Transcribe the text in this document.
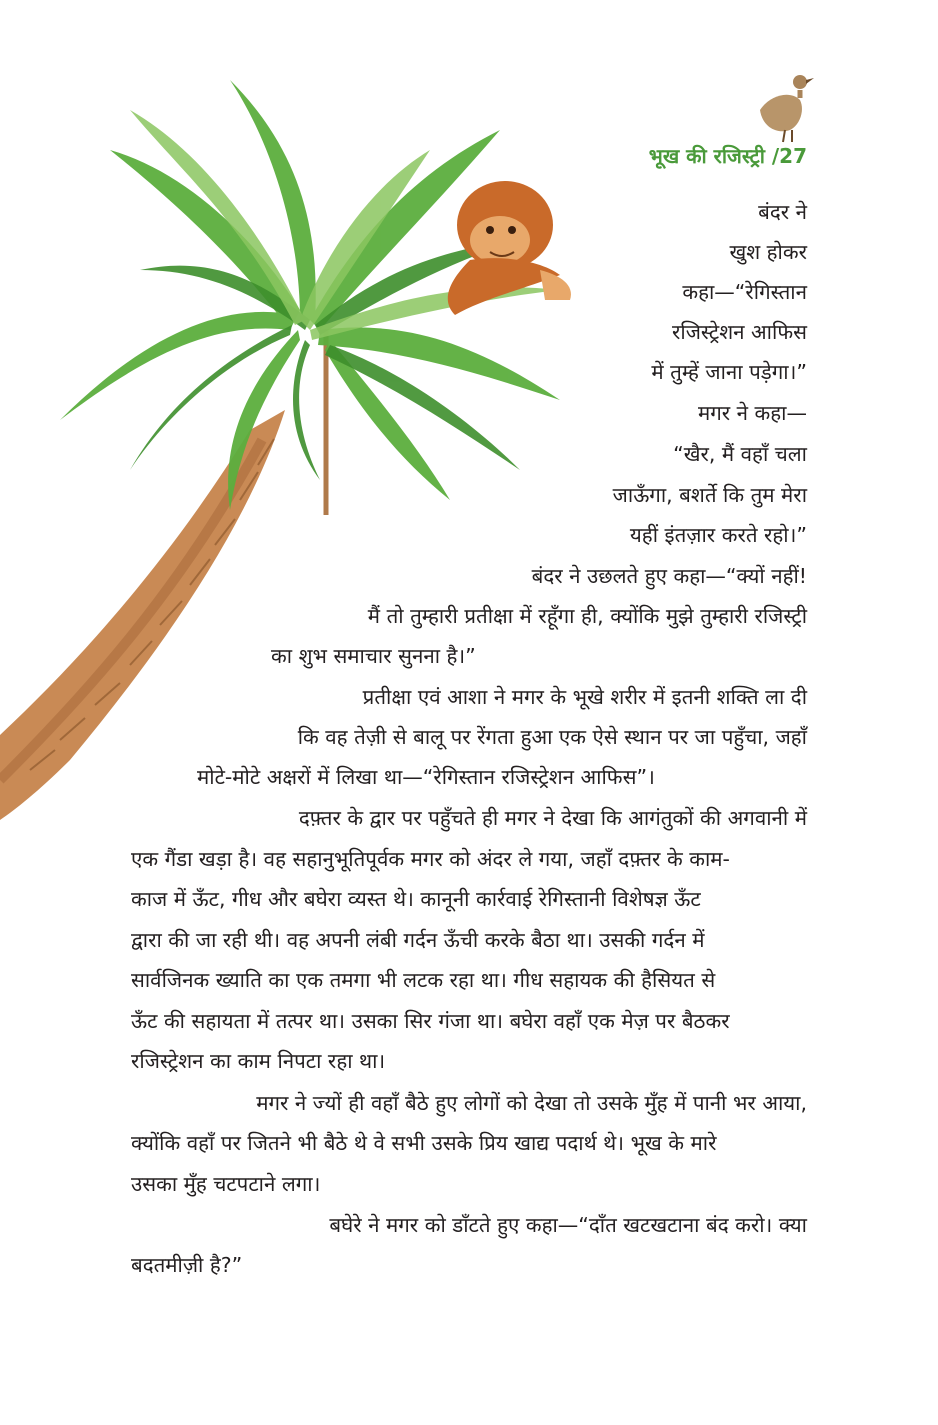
भूख की रजिस्ट्री /27
बंदर ने
खुश होकर
कहा—“रेगिस्तान
रजिस्ट्रेशन आफिस
में तुम्हें जाना पड़ेगा।”
मगर ने कहा—
“खैर, मैं वहाँ चला
जाऊँगा, बशर्ते कि तुम मेरा
यहीं इंतज़ार करते रहो।”
बंदर ने उछलते हुए कहा—“क्यों नहीं!
मैं तो तुम्हारी प्रतीक्षा में रहूँगा ही, क्योंकि मुझे तुम्हारी रजिस्ट्री
का शुभ समाचार सुनना है।”
प्रतीक्षा एवं आशा ने मगर के भूखे शरीर में इतनी शक्ति ला दी
कि वह तेज़ी से बालू पर रेंगता हुआ एक ऐसे स्थान पर जा पहुँचा, जहाँ
मोटे-मोटे अक्षरों में लिखा था—“रेगिस्तान रजिस्ट्रेशन आफिस”।
दफ़्तर के द्वार पर पहुँचते ही मगर ने देखा कि आगंतुकों की अगवानी में
एक गैंडा खड़ा है। वह सहानुभूतिपूर्वक मगर को अंदर ले गया, जहाँ दफ़्तर के काम-
काज में ऊँट, गीध और बघेरा व्यस्त थे। कानूनी कार्रवाई रेगिस्तानी विशेषज्ञ ऊँट
द्वारा की जा रही थी। वह अपनी लंबी गर्दन ऊँची करके बैठा था। उसकी गर्दन में
सार्वजिनक ख्याति का एक तमगा भी लटक रहा था। गीध सहायक की हैसियत से
ऊँट की सहायता में तत्पर था। उसका सिर गंजा था। बघेरा वहाँ एक मेज़ पर बैठकर
रजिस्ट्रेशन का काम निपटा रहा था।
मगर ने ज्यों ही वहाँ बैठे हुए लोगों को देखा तो उसके मुँह में पानी भर आया,
क्योंकि वहाँ पर जितने भी बैठे थे वे सभी उसके प्रिय खाद्य पदार्थ थे। भूख के मारे
उसका मुँह चटपटाने लगा।
बघेरे ने मगर को डाँटते हुए कहा—“दाँत खटखटाना बंद करो। क्या
बदतमीज़ी है?”
